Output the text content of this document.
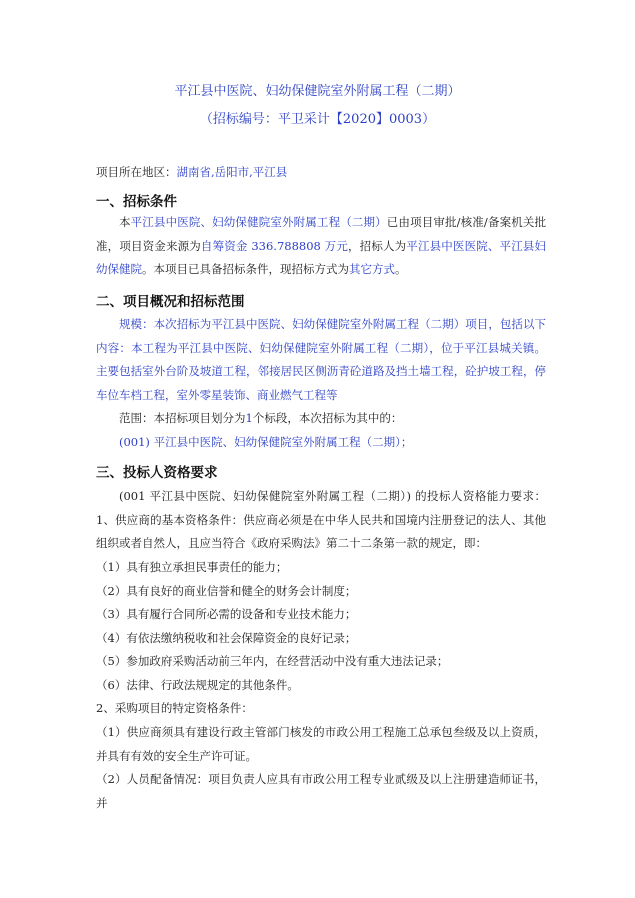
平江县中医院、妇幼保健院室外附属工程（二期）
（招标编号：平卫采计【2020】0003）
项目所在地区：湖南省,岳阳市,平江县
一、招标条件
本平江县中医院、妇幼保健院室外附属工程（二期）已由项目审批/核准/备案机关批准，项目资金来源为自筹资金 336.788808 万元，招标人为平江县中医医院、平江县妇幼保健院。本项目已具备招标条件，现招标方式为其它方式。
二、项目概况和招标范围
规模：本次招标为平江县中医院、妇幼保健院室外附属工程（二期）项目，包括以下内容：本工程为平江县中医院、妇幼保健院室外附属工程（二期），位于平江县城关镇。主要包括室外台阶及坡道工程，邻接居民区侧沥青砼道路及挡土墙工程，砼护坡工程，停车位车档工程，室外零星装饰、商业燃气工程等
范围：本招标项目划分为1个标段，本次招标为其中的：
(001) 平江县中医院、妇幼保健院室外附属工程（二期）；
三、投标人资格要求
(001 平江县中医院、妇幼保健院室外附属工程（二期）) 的投标人资格能力要求：1、供应商的基本资格条件：供应商必须是在中华人民共和国境内注册登记的法人、其他组织或者自然人，且应当符合《政府采购法》第二十二条第一款的规定，即：
（1）具有独立承担民事责任的能力；
（2）具有良好的商业信誉和健全的财务会计制度；
（3）具有履行合同所必需的设备和专业技术能力；
（4）有依法缴纳税收和社会保障资金的良好记录；
（5）参加政府采购活动前三年内，在经营活动中没有重大违法记录；
（6）法律、行政法规规定的其他条件。
2、采购项目的特定资格条件：
（1）供应商须具有建设行政主管部门核发的市政公用工程施工总承包叁级及以上资质，并具有有效的安全生产许可证。
（2）人员配备情况：项目负责人应具有市政公用工程专业贰级及以上注册建造师证书，并
